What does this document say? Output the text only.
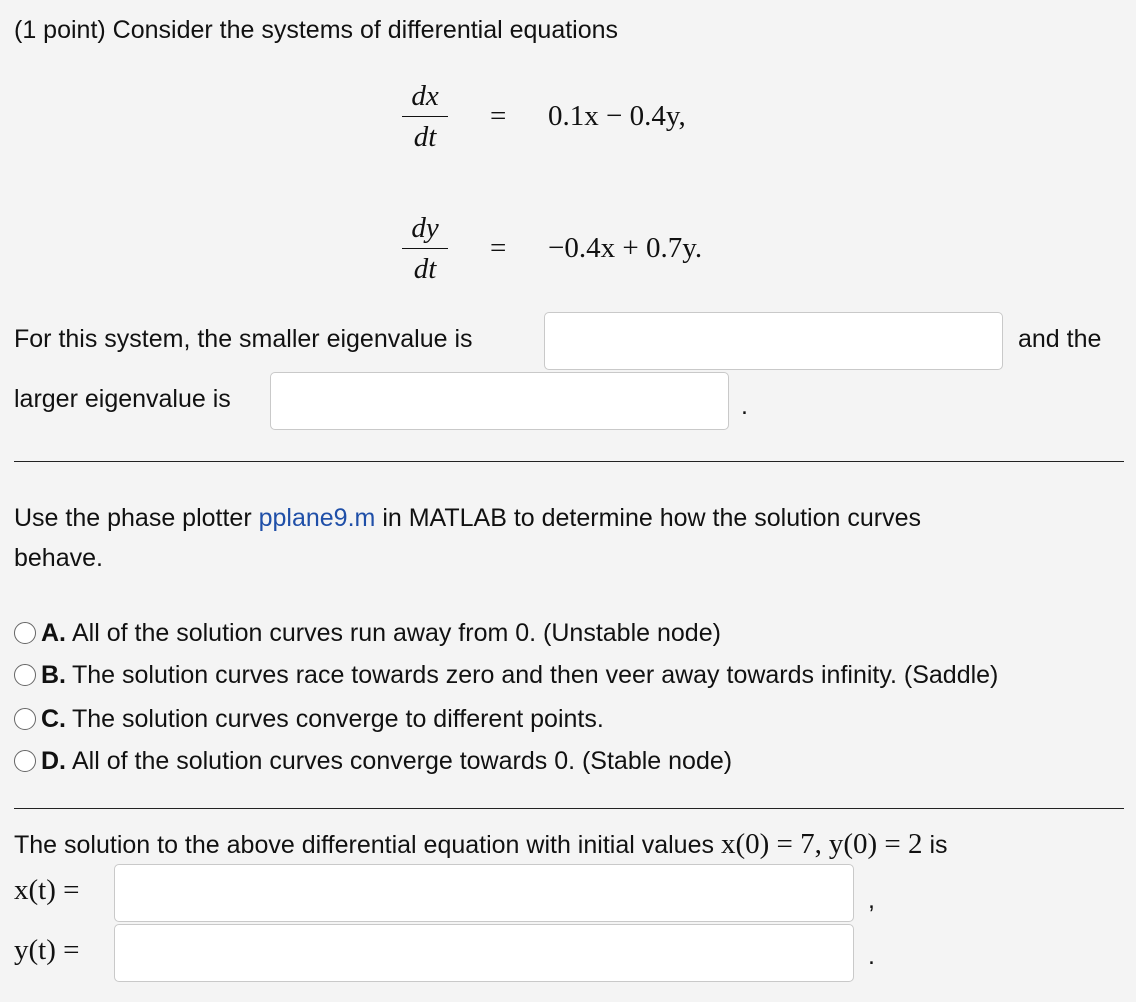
(1 point) Consider the systems of differential equations
dx
dt
= 0.1x − 0.4y,
dy
dt
= −0.4x + 0.7y.
For this system, the smaller eigenvalue is	and the
larger eigenvalue is	.
Use the phase plotter pplane9.m in MATLAB to determine how the solution curves
behave.
A. All of the solution curves run away from 0. (Unstable node)
B. The solution curves race towards zero and then veer away towards infinity. (Saddle)
C. The solution curves converge to different points.
D. All of the solution curves converge towards 0. (Stable node)
The solution to the above differential equation with initial values x(0) = 7, y(0) = 2 is
x(t) =	,
y(t) =	.
